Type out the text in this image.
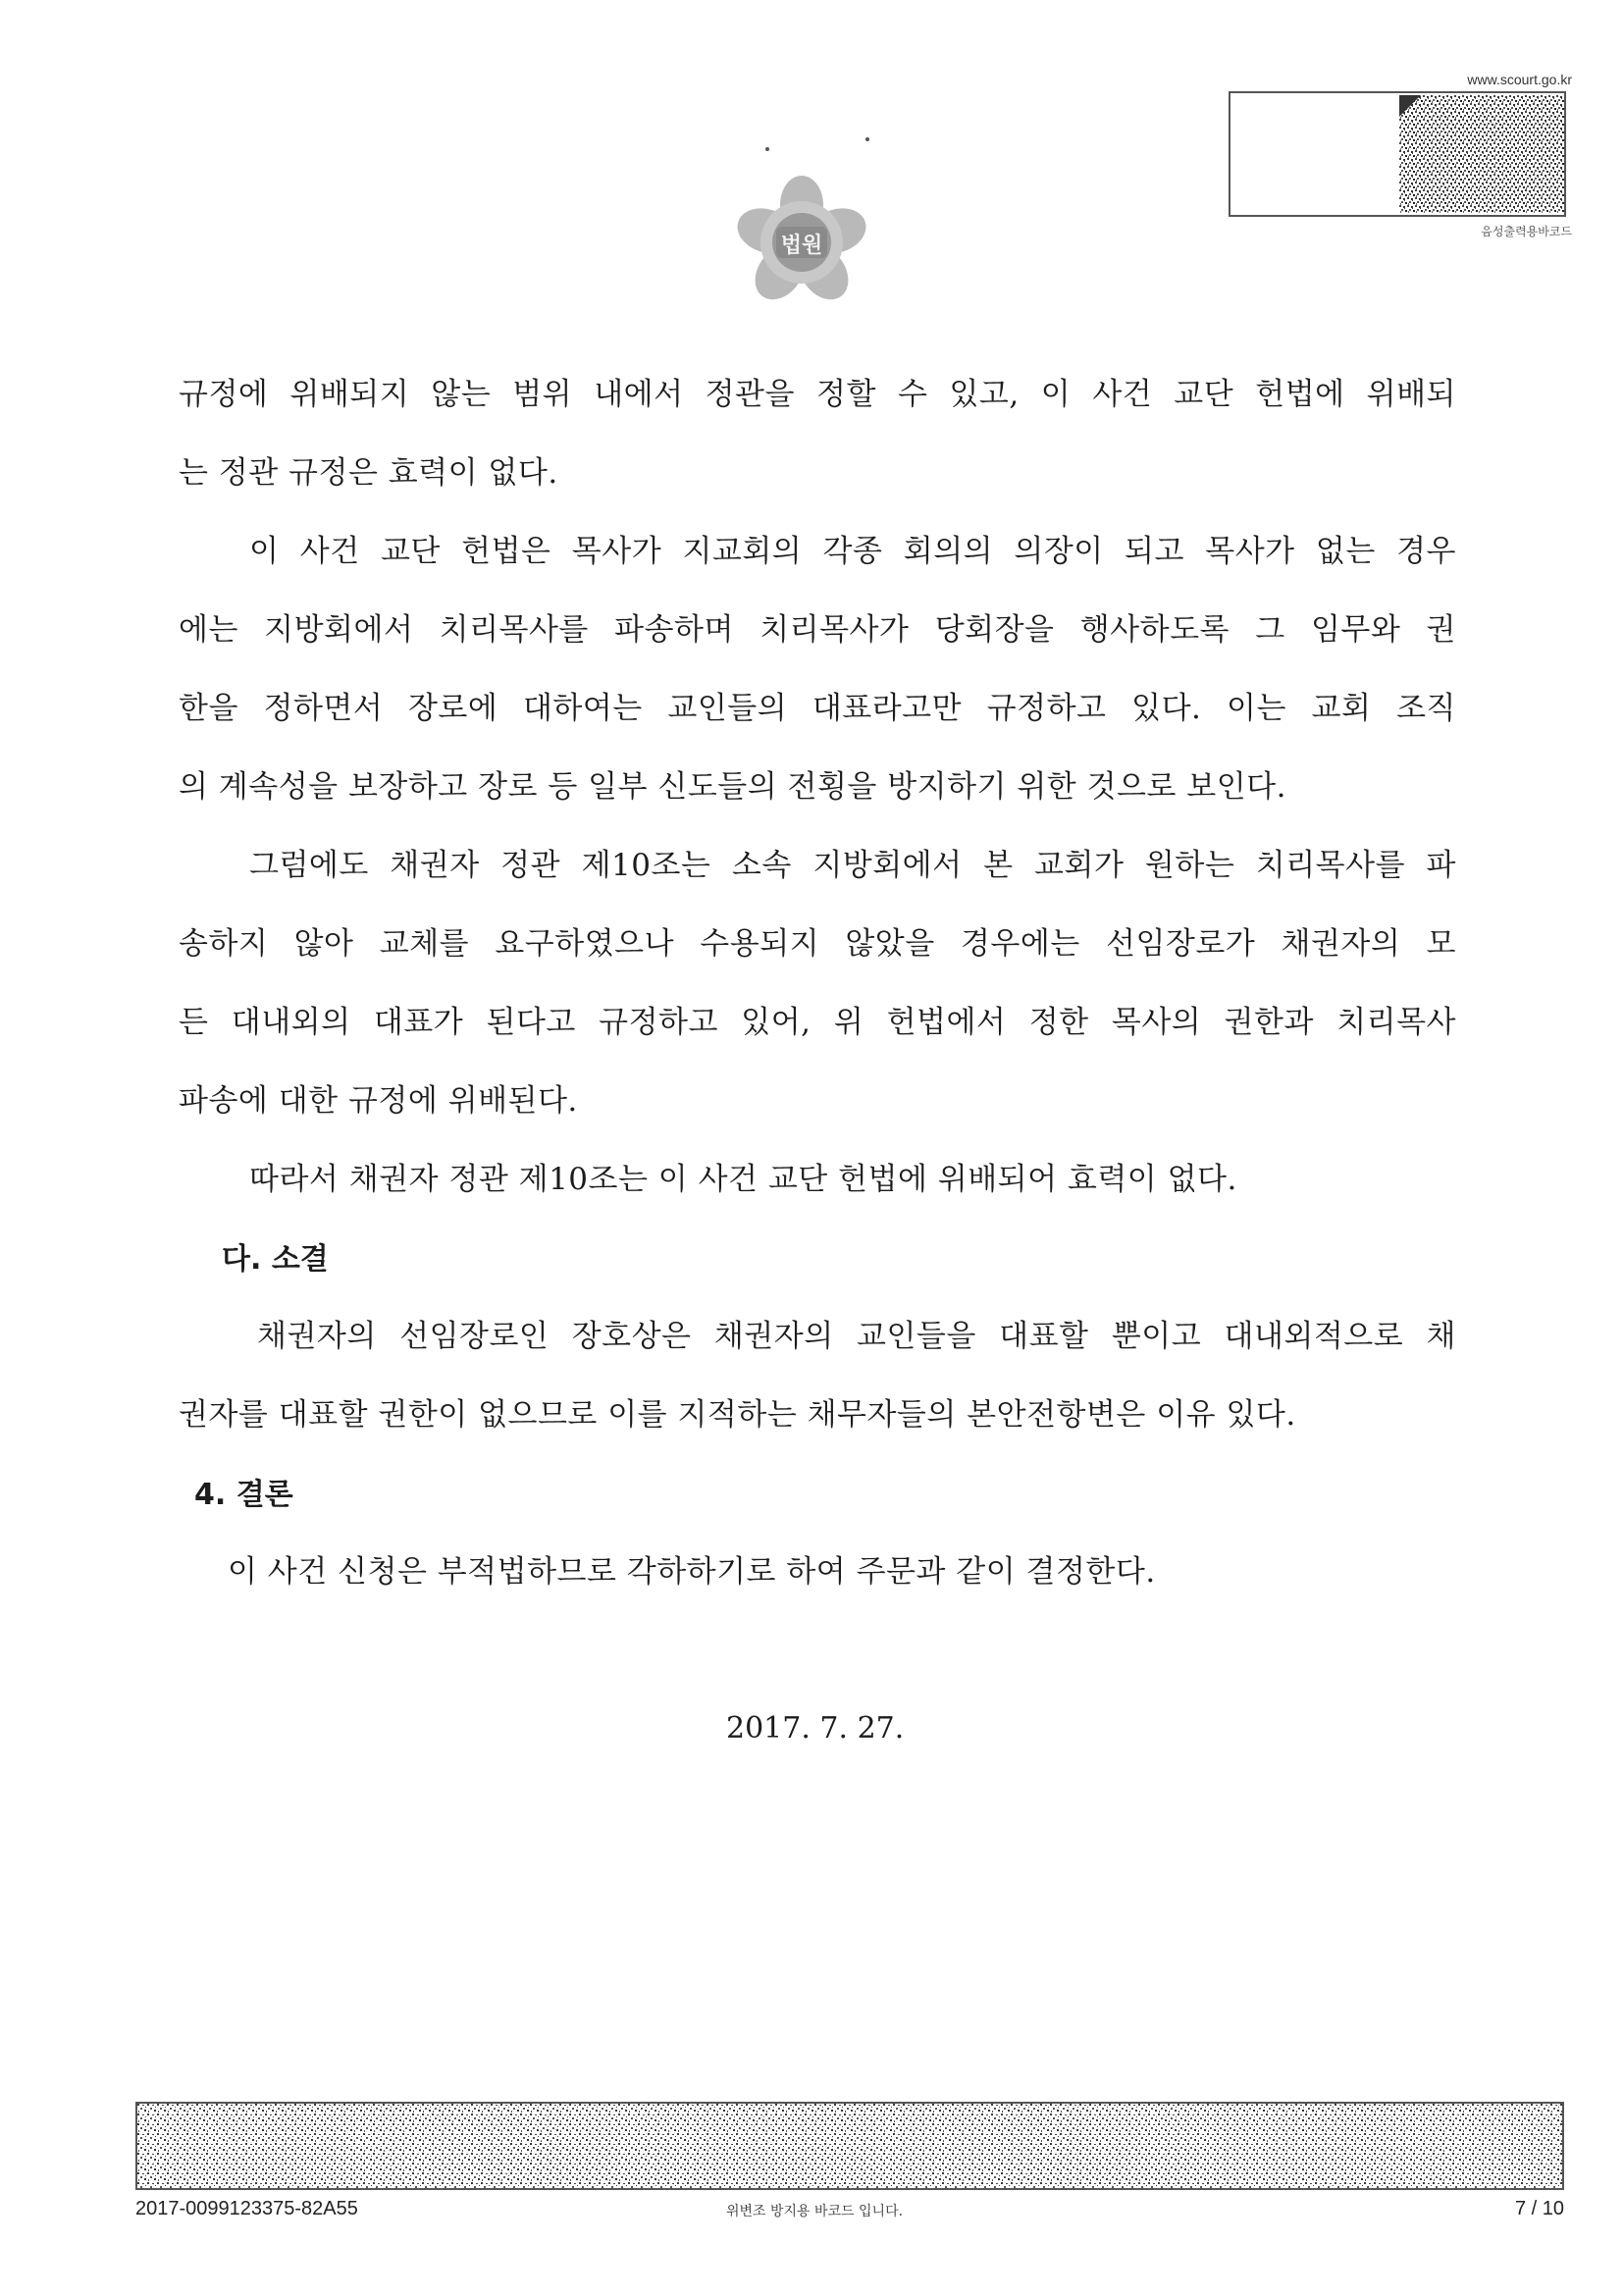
www.scourt.go.kr
음성출력용바코드
법원
규정에 위배되지 않는 범위 내에서 정관을 정할 수 있고, 이 사건 교단 헌법에 위배되
는 정관 규정은 효력이 없다.
이 사건 교단 헌법은 목사가 지교회의 각종 회의의 의장이 되고 목사가 없는 경우
에는 지방회에서 치리목사를 파송하며 치리목사가 당회장을 행사하도록 그 임무와 권
한을 정하면서 장로에 대하여는 교인들의 대표라고만 규정하고 있다. 이는 교회 조직
의 계속성을 보장하고 장로 등 일부 신도들의 전횡을 방지하기 위한 것으로 보인다.
그럼에도 채권자 정관 제10조는 소속 지방회에서 본 교회가 원하는 치리목사를 파
송하지 않아 교체를 요구하였으나 수용되지 않았을 경우에는 선임장로가 채권자의 모
든 대내외의 대표가 된다고 규정하고 있어, 위 헌법에서 정한 목사의 권한과 치리목사
파송에 대한 규정에 위배된다.
따라서 채권자 정관 제10조는 이 사건 교단 헌법에 위배되어 효력이 없다.
다. 소결
채권자의 선임장로인 장호상은 채권자의 교인들을 대표할 뿐이고 대내외적으로 채
권자를 대표할 권한이 없으므로 이를 지적하는 채무자들의 본안전항변은 이유 있다.
4. 결론
이 사건 신청은 부적법하므로 각하하기로 하여 주문과 같이 결정한다.
2017. 7. 27.
2017-0099123375-82A55	위변조 방지용 바코드 입니다.	7 / 10
